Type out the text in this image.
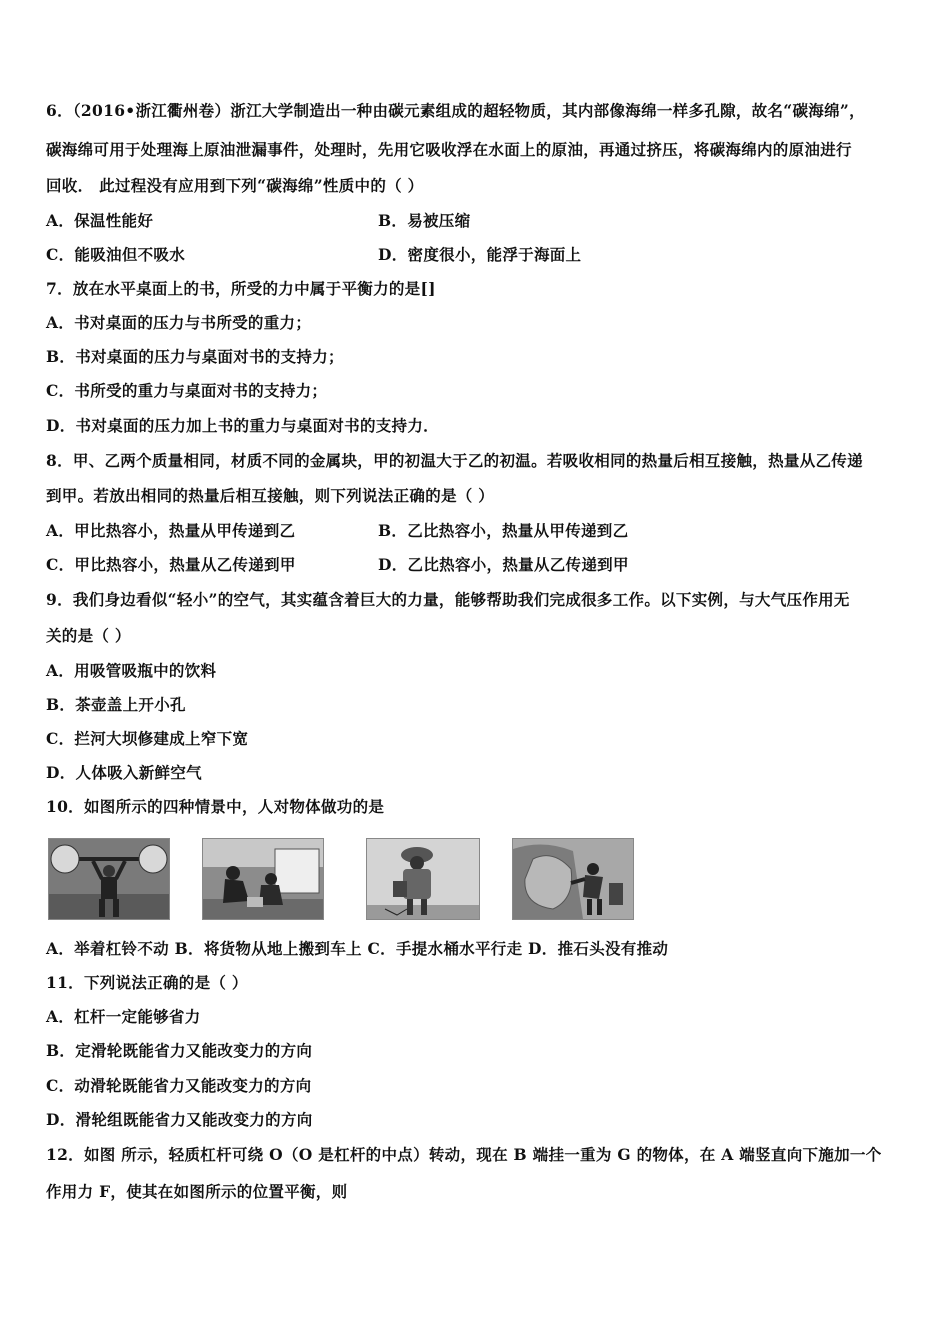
6．（2016•浙江衢州卷）浙江大学制造出一种由碳元素组成的超轻物质，其内部像海绵一样多孔隙，故名“碳海绵”，
碳海绵可用于处理海上原油泄漏事件，处理时，先用它吸收浮在水面上的原油，再通过挤压，将碳海绵内的原油进行
回收． 此过程没有应用到下列“碳海绵”性质中的（ ）
A．保温性能好	B．易被压缩
C．能吸油但不吸水	D．密度很小，能浮于海面上
7．放在水平桌面上的书，所受的力中属于平衡力的是[]
A．书对桌面的压力与书所受的重力；
B．书对桌面的压力与桌面对书的支持力；
C．书所受的重力与桌面对书的支持力；
D．书对桌面的压力加上书的重力与桌面对书的支持力．
8．甲、乙两个质量相同，材质不同的金属块，甲的初温大于乙的初温。若吸收相同的热量后相互接触，热量从乙传递
到甲。若放出相同的热量后相互接触，则下列说法正确的是（ ）
A．甲比热容小，热量从甲传递到乙	B．乙比热容小，热量从甲传递到乙
C．甲比热容小，热量从乙传递到甲	D．乙比热容小，热量从乙传递到甲
9．我们身边看似“轻小”的空气，其实蕴含着巨大的力量，能够帮助我们完成很多工作。以下实例，与大气压作用无
关的是（ ）
A．用吸管吸瓶中的饮料
B．茶壶盖上开小孔
C．拦河大坝修建成上窄下宽
D．人体吸入新鲜空气
10．如图所示的四种情景中，人对物体做功的是
A．举着杠铃不动 B．将货物从地上搬到车上 C．手提水桶水平行走 D．推石头没有推动
11．下列说法正确的是（ ）
A．杠杆一定能够省力
B．定滑轮既能省力又能改变力的方向
C．动滑轮既能省力又能改变力的方向
D．滑轮组既能省力又能改变力的方向
12．如图 所示，轻质杠杆可绕 O（O 是杠杆的中点）转动，现在 B 端挂一重为 G 的物体，在 A 端竖直向下施加一个
作用力 F，使其在如图所示的位置平衡，则
